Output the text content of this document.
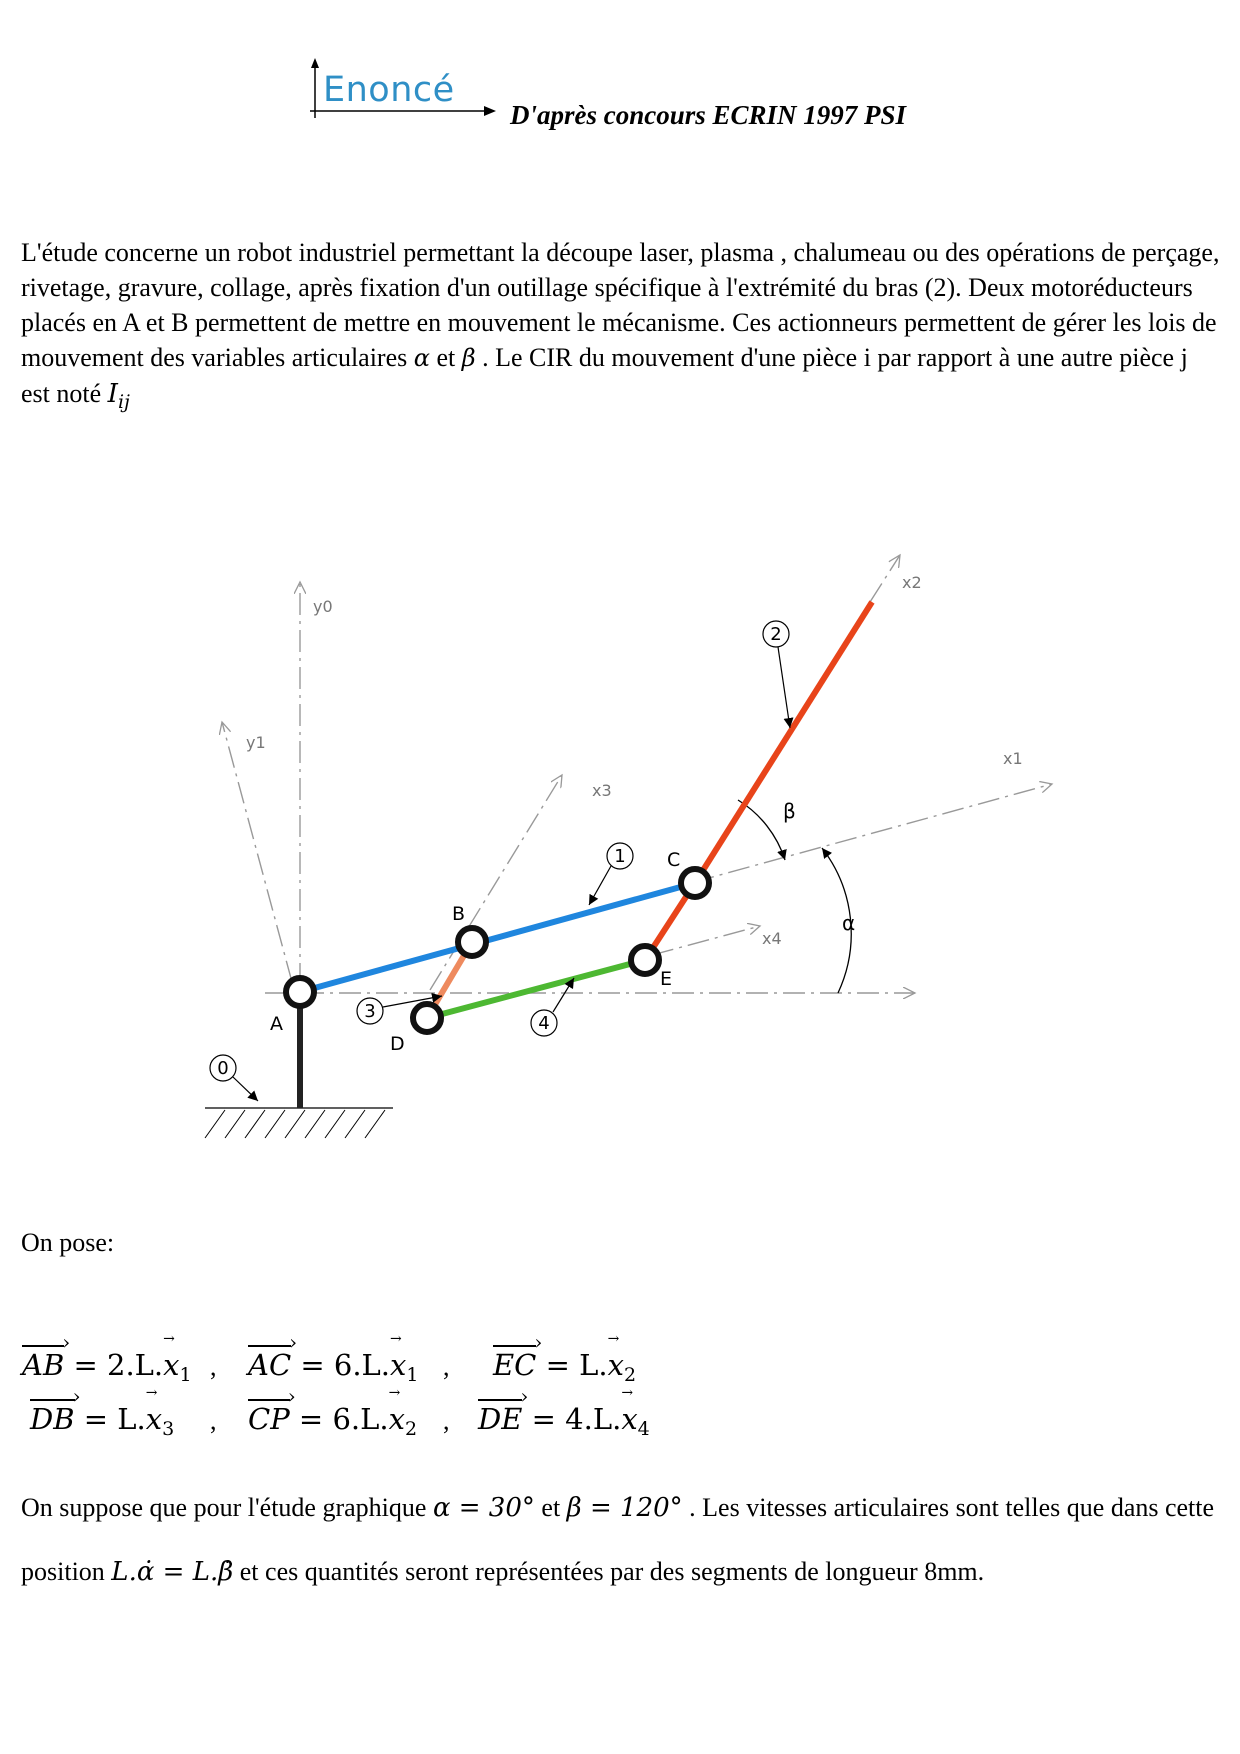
Enoncé
D'après concours ECRIN 1997 PSI
L'étude concerne un robot industriel permettant la découpe laser, plasma , chalumeau ou des opérations de perçage, rivetage, gravure, collage, après fixation d'un outillage spécifique à l'extrémité du bras (2). Deux motoréducteurs placés en A et B permettent de mettre en mouvement le mécanisme. Ces actionneurs permettent de gérer les lois de mouvement des variables articulaires α et β . Le CIR du mouvement d'une pièce i par rapport à une autre pièce j est noté $I_{ij}$
0
1
2
3
4
A
B
C
D
E
y0
y1
x1
x2
x3
x4
α
β
On pose:
AB › = $2.L.x \to_1$ , AC › = $6.L.x \to_1$ , EC › = $L.x \to_2$
DB › = $L.x \to_3$ , CP › = $6.L.x \to_2$ , DE › = $4.L.x \to_4$
On suppose que pour l'étude graphique α = 30° et β = 120° . Les vitesses articulaires sont telles que dans cette position L.α̇ = L.β̇ et ces quantités seront représentées par des segments de longueur 8mm.
